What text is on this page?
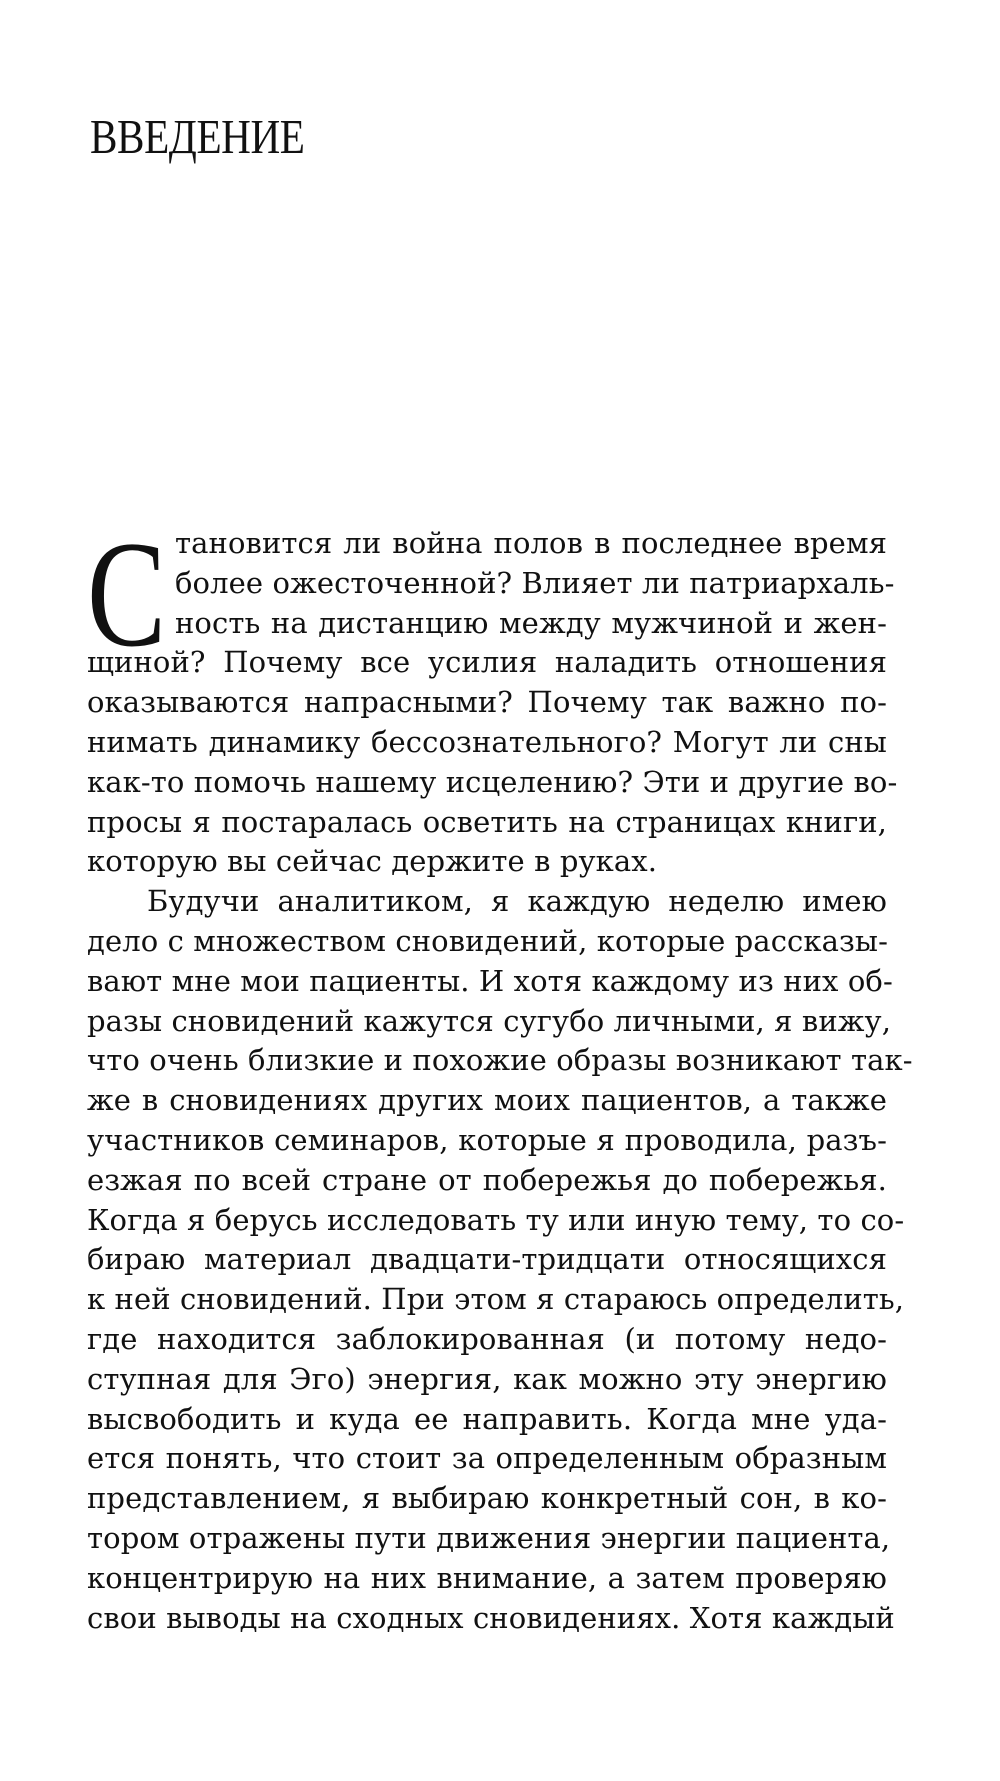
ВВЕДЕНИЕ
С тановится ли война полов в последнее время
более ожесточенной? Влияет ли патриархаль-
ность на дистанцию между мужчиной и жен-
щиной? Почему все усилия наладить отношения
оказываются напрасными? Почему так важно по-
нимать динамику бессознательного? Могут ли сны
как-то помочь нашему исцелению? Эти и другие во-
просы я постаралась осветить на страницах книги,
которую вы сейчас держите в руках.
Будучи аналитиком, я каждую неделю имею
дело с множеством сновидений, которые рассказы-
вают мне мои пациенты. И хотя каждому из них об-
разы сновидений кажутся сугубо личными, я вижу,
что очень близкие и похожие образы возникают так-
же в сновидениях других моих пациентов, а также
участников семинаров, которые я проводила, разъ-
езжая по всей стране от побережья до побережья.
Когда я берусь исследовать ту или иную тему, то со-
бираю материал двадцати-тридцати относящихся
к ней сновидений. При этом я стараюсь определить,
где находится заблокированная (и потому недо-
ступная для Эго) энергия, как можно эту энергию
высвободить и куда ее направить. Когда мне уда-
ется понять, что стоит за определенным образным
представлением, я выбираю конкретный сон, в ко-
тором отражены пути движения энергии пациента,
концентрирую на них внимание, а затем проверяю
свои выводы на сходных сновидениях. Хотя каждый
